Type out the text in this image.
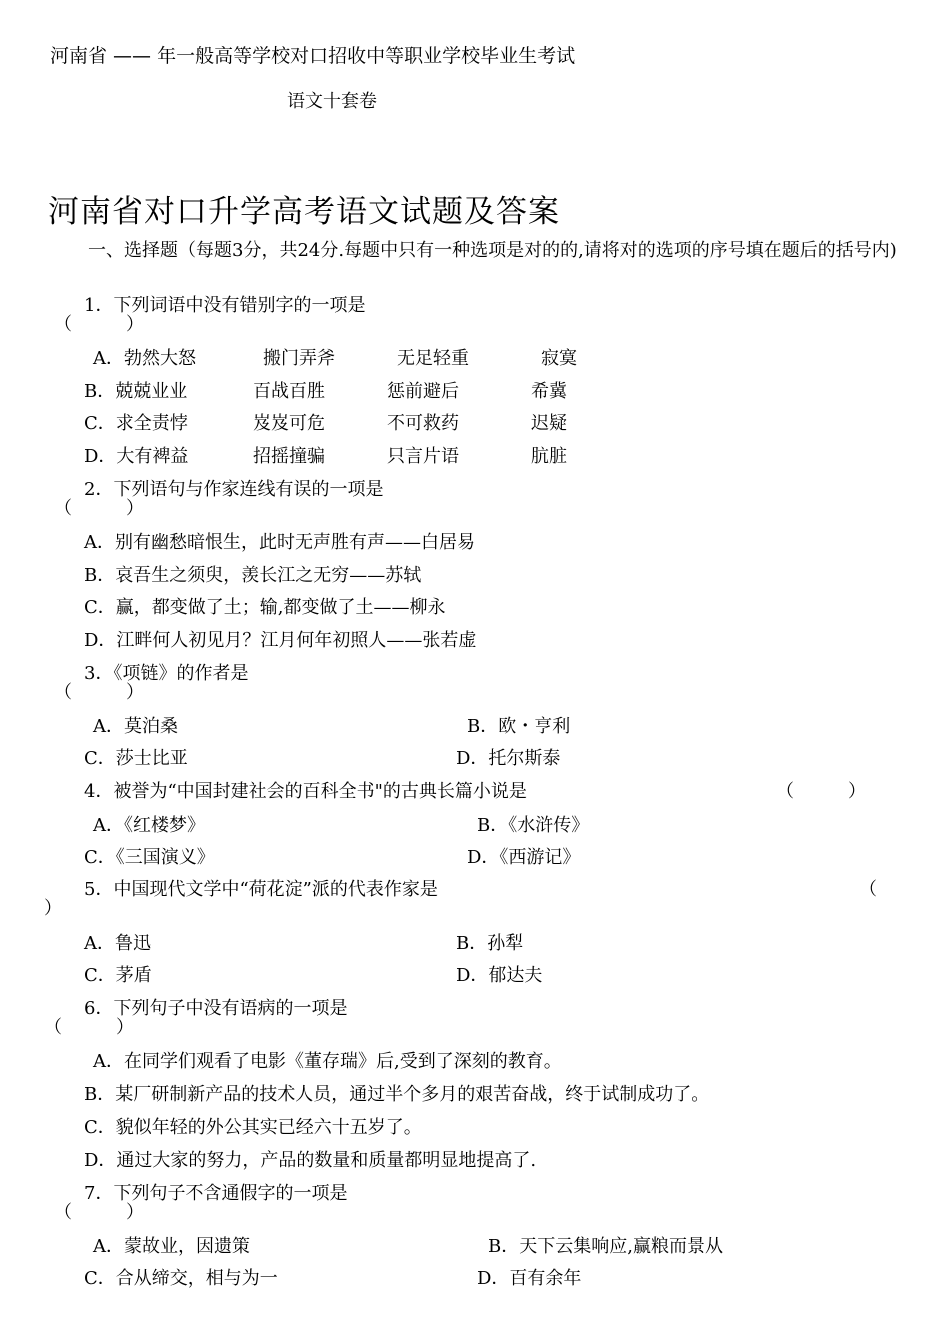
河南省 —— 年一般高等学校对口招收中等职业学校毕业生考试
语文十套卷
河南省对口升学高考语文试题及答案
一、选择题（每题3分，共24分.每题中只有一种选项是对的的,请将对的选项的序号填在题后的括号内)
1．下列词语中没有错别字的一项是
（　　　）
A．勃然大怒	搬门弄斧	无足轻重	寂寞
B．兢兢业业	百战百胜	惩前避后	希冀
C．求全责悖	岌岌可危	不可救药	迟疑
D．大有裨益	招摇撞骗	只言片语	肮脏
2．下列语句与作家连线有误的一项是
（　　　）
A．别有幽愁暗恨生，此时无声胜有声——白居易
B．哀吾生之须臾，羡长江之无穷——苏轼
C．赢，都变做了土；输,都变做了土——柳永
D．江畔何人初见月？江月何年初照人——张若虚
3．《项链》的作者是
（　　　）
A．莫泊桑	B．欧・亨利
C．莎士比亚	D．托尔斯泰
4．被誉为“中国封建社会的百科全书"的古典长篇小说是	（　　　）
A．《红楼梦》	B．《水浒传》
C．《三国演义》	D．《西游记》
5．中国现代文学中“荷花淀”派的代表作家是	（
）
A．鲁迅	B．孙犁
C．茅盾	D．郁达夫
6．下列句子中没有语病的一项是
（　　　）
A．在同学们观看了电影《董存瑞》后,受到了深刻的教育。
B．某厂研制新产品的技术人员，通过半个多月的艰苦奋战，终于试制成功了。
C．貌似年轻的外公其实已经六十五岁了。
D．通过大家的努力，产品的数量和质量都明显地提高了.
7．下列句子不含通假字的一项是
（　　　）
A．蒙故业，因遗策	B．天下云集响应,赢粮而景从
C．合从缔交，相与为一	D．百有余年
